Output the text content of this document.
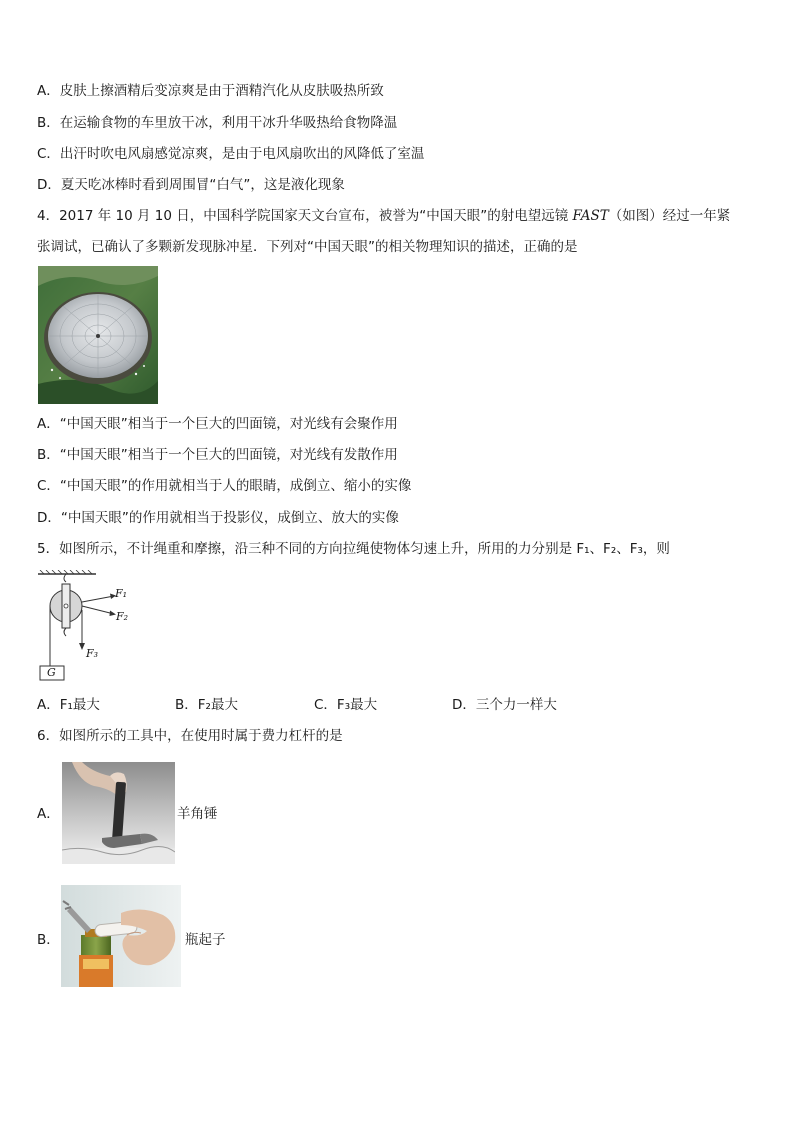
A．皮肤上擦酒精后变凉爽是由于酒精汽化从皮肤吸热所致
B．在运输食物的车里放干冰，利用干冰升华吸热给食物降温
C．出汗时吹电风扇感觉凉爽，是由于电风扇吹出的风降低了室温
D．夏天吃冰棒时看到周围冒“白气”，这是液化现象
4．2017 年 10 月 10 日，中国科学院国家天文台宣布，被誉为“中国天眼”的射电望远镜 FAST（如图）经过一年紧
张调试，已确认了多颗新发现脉冲星．下列对“中国天眼”的相关物理知识的描述，正确的是
A．“中国天眼”相当于一个巨大的凹面镜，对光线有会聚作用
B．“中国天眼”相当于一个巨大的凹面镜，对光线有发散作用
C．“中国天眼”的作用就相当于人的眼睛，成倒立、缩小的实像
D．“中国天眼”的作用就相当于投影仪，成倒立、放大的实像
5．如图所示，不计绳重和摩擦，沿三种不同的方向拉绳使物体匀速上升，所用的力分别是 F₁、F₂、F₃，则
F₁
F₂
F₃
G
A．F₁最大	B．F₂最大	C．F₃最大	D．三个力一样大
6．如图所示的工具中，在使用时属于费力杠杆的是
A．	羊角锤
B．	瓶起子
